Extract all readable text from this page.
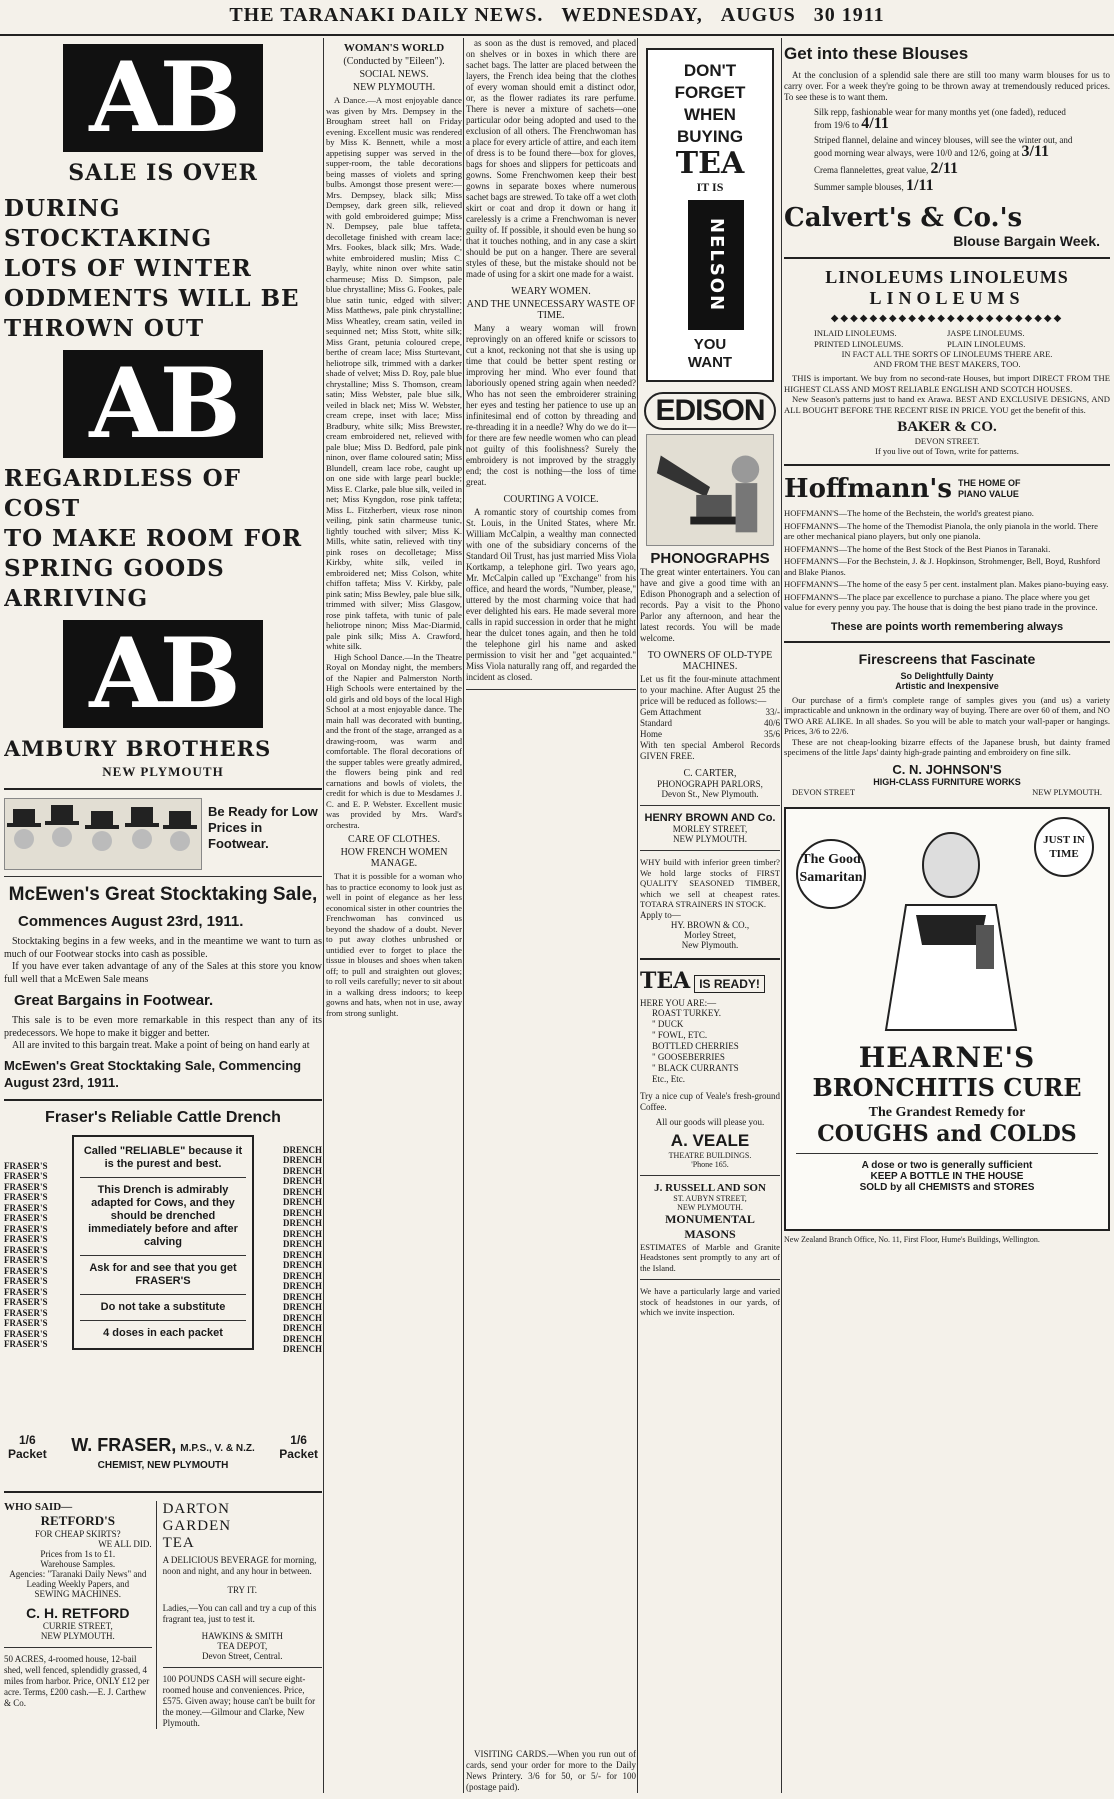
THE TARANAKI DAILY NEWS. WEDNESDAY, AUGUS 30 1911
AB
SALE IS OVER
DURING STOCKTAKING
LOTS OF WINTER
ODDMENTS WILL BE
THROWN OUT
AB
REGARDLESS OF COST
TO MAKE ROOM FOR
SPRING GOODS
ARRIVING
AB
AMBURY BROTHERS
NEW PLYMOUTH
Be Ready for Low Prices in Footwear.
McEwen's Great Stocktaking Sale,
Commences August 23rd, 1911.

Stocktaking begins in a few weeks, and in the meantime we want to turn as much of our Footwear stocks into cash as possible.

If you have ever taken advantage of any of the Sales at this store you know full well that a McEwen Sale means

Great Bargains in Footwear.

This sale is to be even more remarkable in this respect than any of its predecessors. We hope to make it bigger and better.

All are invited to this bargain treat. Make a point of being on hand early at

McEwen's Great Stocktaking Sale, Commencing August 23rd, 1911.
Fraser's Reliable Cattle Drench
FRASER'S
FRASER'S
FRASER'S
FRASER'S
FRASER'S
FRASER'S
FRASER'S
FRASER'S
FRASER'S
FRASER'S
FRASER'S
FRASER'S
FRASER'S
FRASER'S
FRASER'S
FRASER'S
FRASER'S
FRASER'S

Called "RELIABLE" because it is the purest and best.

This Drench is admirably adapted for Cows, and they should be drenched immediately before and after calving

Ask for and see that you get FRASER'S

Do not take a substitute

4 doses in each packet

DRENCH
DRENCH
DRENCH
DRENCH
DRENCH
DRENCH
DRENCH
DRENCH
DRENCH
DRENCH
DRENCH
DRENCH
DRENCH
DRENCH
DRENCH
DRENCH
DRENCH
DRENCH
DRENCH
DRENCH
1/6
Packet	W. FRASER, M.P.S., V. & N.Z.
CHEMIST, NEW PLYMOUTH
1/6
Packet
WHO SAID—
RETFORD'S
FOR CHEAP SKIRTS?
WE ALL DID.
Prices from 1s to £1.
Warehouse Samples.
Agencies: "Taranaki Daily News" and Leading Weekly Papers, and
SEWING MACHINES.
C. H. RETFORD
CURRIE STREET,
NEW PLYMOUTH.
50 ACRES, 4-roomed house, 12-bail shed, well fenced, splendidly grassed, 4 miles from harbor. Price, ONLY £12 per acre. Terms, £200 cash.—E. J. Carthew & Co.
DARTON
GARDEN
TEA
A DELICIOUS BEVERAGE for morning, noon and night, and any hour in between.
TRY IT.
Ladies,—You can call and try a cup of this fragrant tea, just to test it.
HAWKINS & SMITH
TEA DEPOT,
Devon Street, Central.
100 POUNDS CASH will secure eight-roomed house and conveniences. Price, £575. Given away; house can't be built for the money.—Gilmour and Clarke, New Plymouth.
WOMAN'S WORLD
(Conducted by "Eileen").
SOCIAL NEWS.
NEW PLYMOUTH.

A Dance.—A most enjoyable dance was given by Mrs. Dempsey in the Brougham street hall on Friday evening. Excellent music was rendered by Miss K. Bennett, while a most appetising supper was served in the supper-room, the table decorations being masses of violets and spring bulbs. Amongst those present were:—Mrs. Dempsey, black silk; Miss Dempsey, dark green silk, relieved with gold embroidered guimpe; Miss N. Dempsey, pale blue taffeta, decolletage finished with cream lace; Mrs. Fookes, black silk; Mrs. Wade, white embroidered muslin; Miss C. Bayly, white ninon over white satin charmeuse; Miss D. Simpson, pale blue chrystalline; Miss G. Fookes, pale blue satin tunic, edged with silver; Miss Matthews, pale pink chrystalline; Miss Wheatley, cream satin, veiled in sequinned net; Miss Stott, white silk; Miss Grant, petunia coloured crepe, berthe of cream lace; Miss Sturtevant, heliotrope silk, trimmed with a darker shade of velvet; Miss D. Roy, pale blue chrystalline; Miss S. Thomson, cream satin; Miss Webster, pale blue silk, veiled in black net; Miss W. Webster, cream crepe, inset with lace; Miss Bradbury, white silk; Miss Brewster, cream embroidered net, relieved with pale blue; Miss D. Bedford, pale pink ninon, over flame coloured satin; Miss Blundell, cream lace robe, caught up on one side with large pearl buckle; Miss E. Clarke, pale blue silk, veiled in net; Miss Kyngdon, rose pink taffeta; Miss L. Fitzherbert, vieux rose ninon veiling, pink satin charmeuse tunic, lightly touched with silver; Miss K. Mills, white satin, relieved with tiny pink roses on decolletage; Miss Kirkby, white silk, veiled in embroidered net; Miss Colson, white chiffon taffeta; Miss V. Kirkby, pale pink satin; Miss Bewley, pale blue silk, trimmed with silver; Miss Glasgow, rose pink taffeta, with tunic of pale heliotrope ninon; Miss Mac-Diarmid, pale pink silk; Miss A. Crawford, white silk.

High School Dance.—In the Theatre Royal on Monday night, the members of the Napier and Palmerston North High Schools were entertained by the old girls and old boys of the local High School at a most enjoyable dance. The main hall was decorated with bunting, and the front of the stage, arranged as a drawing-room, was warm and comfortable. The floral decorations of the supper tables were greatly admired, the flowers being pink and red carnations and bowls of violets, the credit for which is due to Mesdames J. C. and E. P. Webster. Excellent music was provided by Mrs. Ward's orchestra.

CARE OF CLOTHES.
HOW FRENCH WOMEN MANAGE.

That it is possible for a woman who has to practice economy to look just as well in point of elegance as her less economical sister in other countries the Frenchwoman has convinced us beyond the shadow of a doubt. Never to put away clothes unbrushed or untidied ever to forget to place the tissue in blouses and shoes when taken off; to pull and straighten out gloves; to roll veils carefully; never to sit about in a walking dress indoors; to keep gowns and hats, when not in use, away from strong sunlight.

as soon as the dust is removed, and placed on shelves or in boxes in which there are sachet bags. The latter are placed between the layers, the French idea being that the clothes of every woman should emit a distinct odor, or, as the flower radiates its rare perfume. There is never a mixture of sachets—one particular odor being adopted and used to the exclusion of all others. The Frenchwoman has a place for every article of attire, and each item of dress is to be found there—box for gloves, bags for shoes and slippers for petticoats and gowns. Some Frenchwomen keep their best gowns in separate boxes where numerous sachet bags are strewed. To take off a wet cloth skirt or coat and drop it down or hang it carelessly is a crime a Frenchwoman is never guilty of. If possible, it should even be hung so that it touches nothing, and in any case a skirt should be put on a hanger. There are several styles of these, but the mistake should not be made of using for a skirt one made for a waist.

WEARY WOMEN.
AND THE UNNECESSARY WASTE OF TIME.

Many a weary woman will frown reprovingly on an offered knife or scissors to cut a knot, reckoning not that she is using up time that could be better spent resting or improving her mind. Who ever found that laboriously opened string again when needed? Who has not seen the embroiderer straining her eyes and testing her patience to use up an infinitesimal end of cotton by threading and re-threading it in a needle? Why do we do it—for there are few needle women who can plead not guilty of this foolishness? Surely the embroidery is not improved by the straggly end; the cost is nothing—the loss of time great.

COURTING A VOICE.

A romantic story of courtship comes from St. Louis, in the United States, where Mr. William McCalpin, a wealthy man connected with one of the subsidiary concerns of the Standard Oil Trust, has just married Miss Viola Kortkamp, a telephone girl. Two years ago, Mr. McCalpin called up "Exchange" from his office, and heard the words, "Number, please," uttered by the most charming voice that had ever delighted his ears. He made several more calls in rapid succession in order that he might hear the dulcet tones again, and then he told the telephone girl his name and asked permission to visit her and "get acquainted." Miss Viola naturally rang off, and regarded the incident as closed.

VISITING CARDS.—When you run out of cards, send your order for more to the Daily News Printery. 3/6 for 50, or 5/- for 100 (postage paid).

DON'T
FORGET
WHEN
BUYING
TEA
IT IS
NELSON MOATE'S
YOU
WANT
EDISON
PHONOGRAPHS

The great winter entertainers. You can have and give a good time with an Edison Phonograph and a selection of records. Pay a visit to the Phono Parlor any afternoon, and hear the latest records. You will be made welcome.

TO OWNERS OF OLD-TYPE MACHINES.

Let us fit the four-minute attachment to your machine. After August 25 the price will be reduced as follows:—

Gem Attachment	33/-
Standard	40/6
Home	35/6

With ten special Amberol Records GIVEN FREE.

C. CARTER,
PHONOGRAPH PARLORS,
Devon St., New Plymouth.
HENRY BROWN AND Co.
MORLEY STREET,
NEW PLYMOUTH.

WHY build with inferior green timber? We hold large stocks of FIRST QUALITY SEASONED TIMBER, which we sell at cheapest rates. TOTARA STRAINERS IN STOCK.

Apply to—
HY. BROWN & CO.,
Morley Street,
New Plymouth.
TEA IS READY!
HERE YOU ARE:—
ROAST TURKEY.
" DUCK
" FOWL, ETC.
BOTTLED CHERRIES
" GOOSEBERRIES
" BLACK CURRANTS
Etc., Etc.

Try a nice cup of Veale's fresh-ground Coffee.

All our goods will please you.
A. VEALE
THEATRE BUILDINGS.
'Phone 165.
J. RUSSELL AND SON
ST. AUBYN STREET,
NEW PLYMOUTH.
MONUMENTAL MASONS

ESTIMATES of Marble and Granite Headstones sent promptly to any art of the Island.

We have a particularly large and varied stock of headstones in our yards, of which we invite inspection.

Get into these Blouses

At the conclusion of a splendid sale there are still too many warm blouses for us to carry over. For a week they're going to be thrown away at tremendously reduced prices. To see these is to want them.

Silk repp, fashionable wear for many months yet (one faded), reduced from 19/6 to 4/11
Striped flannel, delaine and wincey blouses, will see the winter out, and good morning wear always, were 10/0 and 12/6, going at 3/11
Crema flannelettes, great value, 2/11
Summer sample blouses, 1/11
Calvert's & Co.'s
Blouse Bargain Week.
LINOLEUMS LINOLEUMS
LINOLEUMS
◆◆◆◆◆◆◆◆◆◆◆◆◆◆◆◆◆◆◆◆◆◆◆◆
INLAID LINOLEUMS.	JASPE LINOLEUMS.
PRINTED LINOLEUMS.	PLAIN LINOLEUMS.
IN FACT ALL THE SORTS OF LINOLEUMS THERE ARE.
AND FROM THE BEST MAKERS, TOO.

THIS is important. We buy from no second-rate Houses, but import DIRECT FROM THE HIGHEST CLASS AND MOST RELIABLE ENGLISH AND SCOTCH HOUSES.

New Season's patterns just to hand ex Arawa. BEST AND EXCLUSIVE DESIGNS, AND ALL BOUGHT BEFORE THE RECENT RISE IN PRICE. YOU get the benefit of this.

BAKER & CO.
DEVON STREET.
If you live out of Town, write for patterns.
Hoffmann's THE HOME OF
PIANO VALUE

HOFFMANN'S—The home of the Bechstein, the world's greatest piano.

HOFFMANN'S—The home of the Themodist Pianola, the only pianola in the world. There are other mechanical piano players, but only one pianola.

HOFFMANN'S—The home of the Best Stock of the Best Pianos in Taranaki.

HOFFMANN'S—For the Bechstein, J. & J. Hopkinson, Strohmenger, Bell, Boyd, Rushford and Blake Pianos.

HOFFMANN'S—The home of the easy 5 per cent. instalment plan. Makes piano-buying easy.

HOFFMANN'S—The place par excellence to purchase a piano. The place where you get value for every penny you pay. The house that is doing the best piano trade in the province.

These are points worth remembering always
Firescreens that Fascinate
So Delightfully Dainty
Artistic and Inexpensive

Our purchase of a firm's complete range of samples gives you (and us) a variety impracticable and unknown in the ordinary way of buying. There are over 60 of them, and NO TWO ARE ALIKE. In all shades. So you will be able to match your wall-paper or hangings. Prices, 3/6 to 22/6.

These are not cheap-looking bizarre effects of the Japanese brush, but dainty framed specimens of the little Japs' dainty high-grade painting and embroidery on fine silk.

C. N. JOHNSON'S
HIGH-CLASS FURNITURE WORKS
DEVON STREET	NEW PLYMOUTH.
The Good Samaritan
JUST IN TIME
HEARNE'S
BRONCHITIS CURE
The Grandest Remedy for
COUGHS and COLDS
A dose or two is generally sufficient
KEEP A BOTTLE IN THE HOUSE
SOLD by all CHEMISTS and STORES
New Zealand Branch Office, No. 11, First Floor, Hume's Buildings, Wellington.
